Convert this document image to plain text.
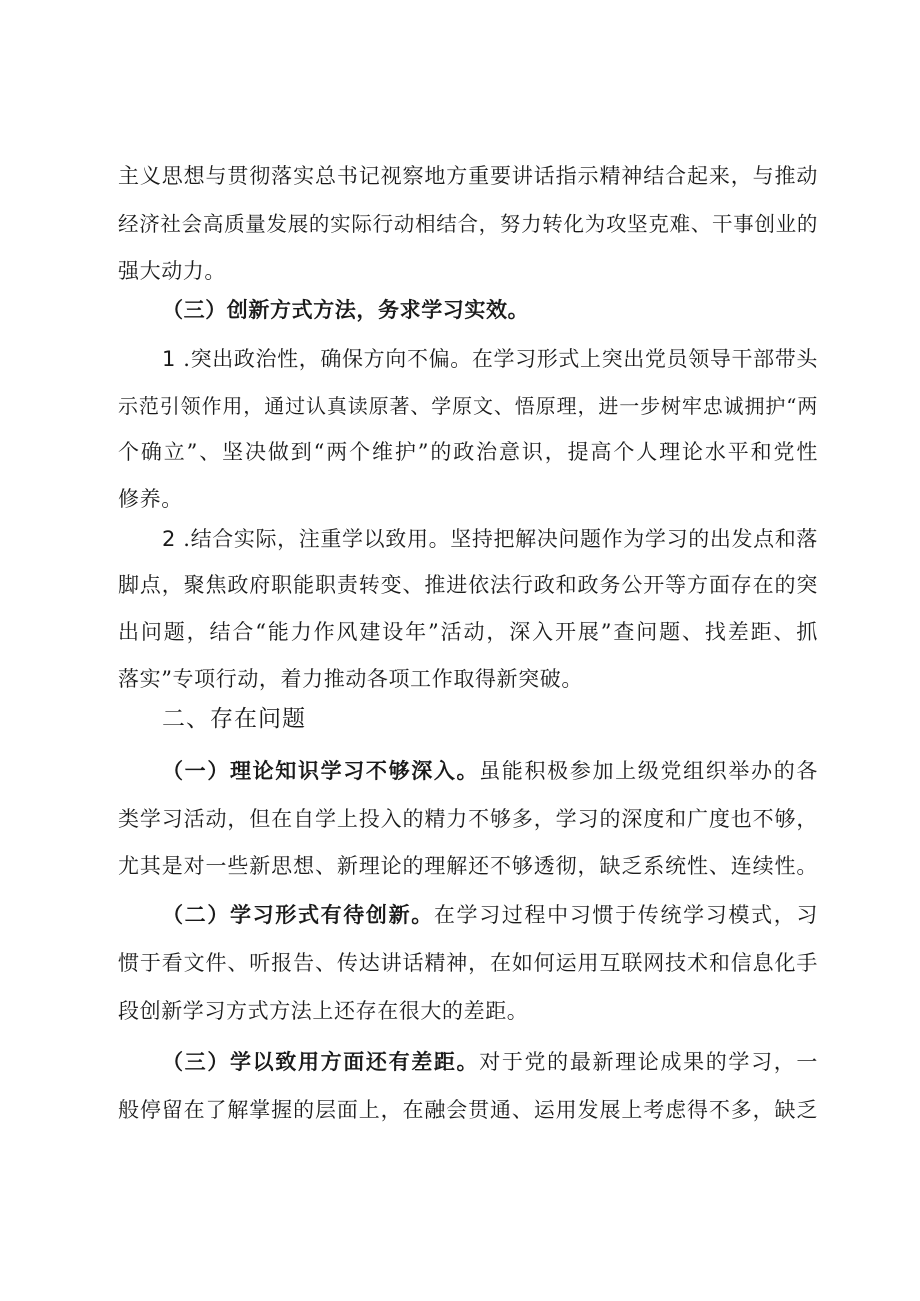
主义思想与贯彻落实总书记视察地方重要讲话指示精神结合起来，与推动
经济社会高质量发展的实际行动相结合，努力转化为攻坚克难、干事创业的
强大动力。
（三）创新方式方法，务求学习实效。
1 .突出政治性，确保方向不偏。在学习形式上突出党员领导干部带头
示范引领作用，通过认真读原著、学原文、悟原理，进一步树牢忠诚拥护“两
个确立”、坚决做到“两个维护”的政治意识，提高个人理论水平和党性
修养。
2 .结合实际，注重学以致用。坚持把解决问题作为学习的出发点和落
脚点，聚焦政府职能职责转变、推进依法行政和政务公开等方面存在的突
出问题，结合“能力作风建设年”活动，深入开展”查问题、找差距、抓
落实”专项行动，着力推动各项工作取得新突破。
二、存在问题
（一）理论知识学习不够深入。虽能积极参加上级党组织举办的各
类学习活动，但在自学上投入的精力不够多，学习的深度和广度也不够，
尤其是对一些新思想、新理论的理解还不够透彻，缺乏系统性、连续性。
（二）学习形式有待创新。在学习过程中习惯于传统学习模式，习
惯于看文件、听报告、传达讲话精神，在如何运用互联网技术和信息化手
段创新学习方式方法上还存在很大的差距。
（三）学以致用方面还有差距。对于党的最新理论成果的学习，一
般停留在了解掌握的层面上，在融会贯通、运用发展上考虑得不多，缺乏
